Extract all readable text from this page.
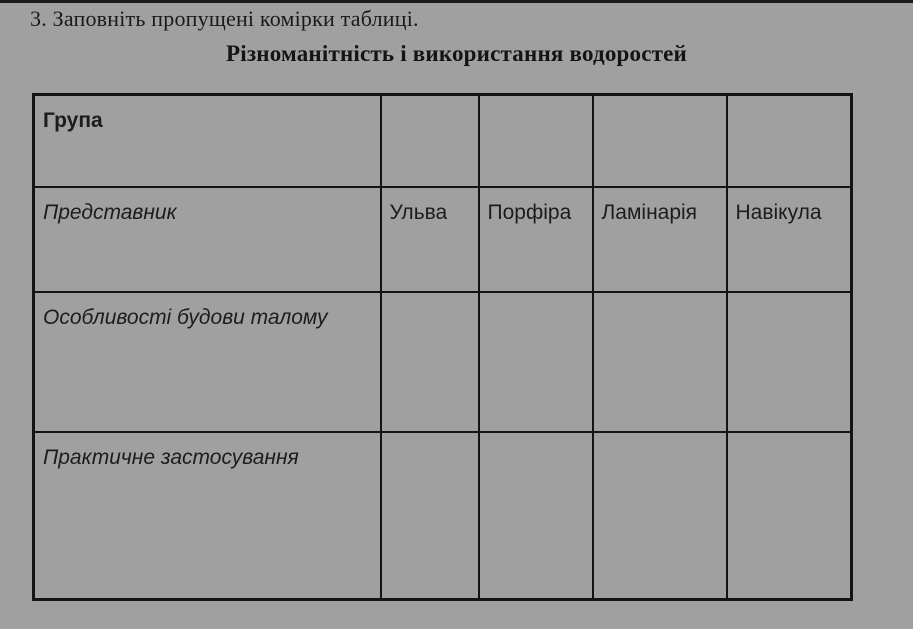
3. Заповніть пропущені комірки таблиці.
Різноманітність і використання водоростей
Група				
Представник	Ульва	Порфіра	Ламінарія	Навікула
Особливості будови талому				
Практичне застосування				
